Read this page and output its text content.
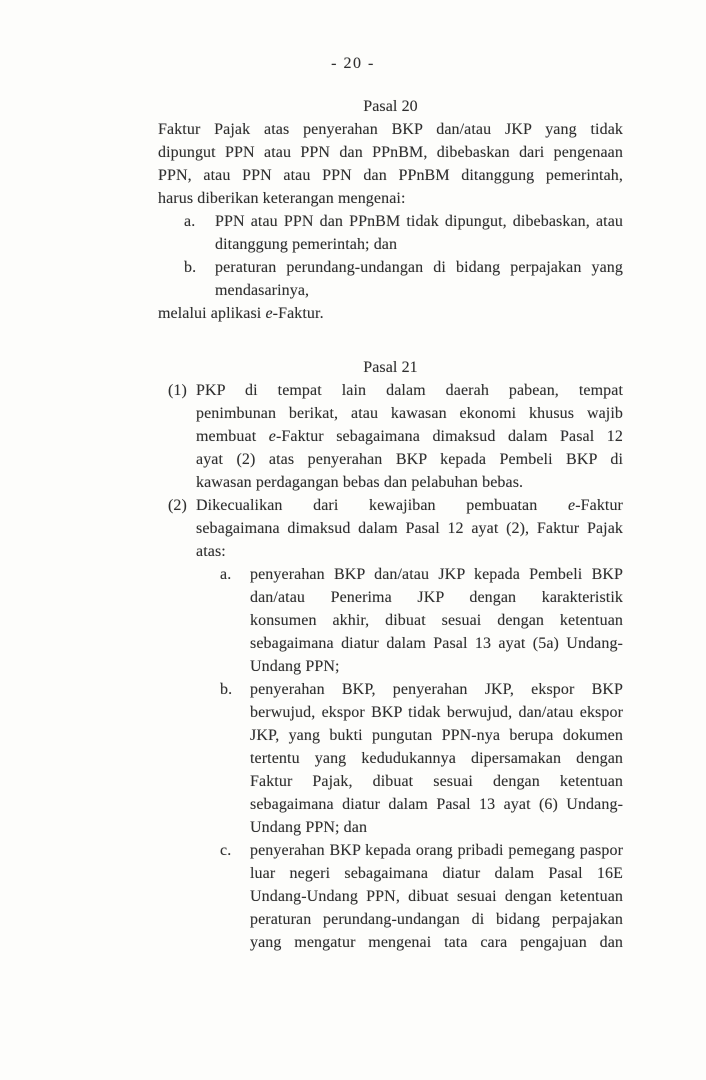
- 20 -
Pasal 20
Faktur Pajak atas penyerahan BKP dan/atau JKP yang tidak
dipungut PPN atau PPN dan PPnBM, dibebaskan dari pengenaan
PPN, atau PPN atau PPN dan PPnBM ditanggung pemerintah,
harus diberikan keterangan mengenai:
a. PPN atau PPN dan PPnBM tidak dipungut, dibebaskan, atau
ditanggung pemerintah; dan
b. peraturan perundang-undangan di bidang perpajakan yang
mendasarinya,
melalui aplikasi e-Faktur.
Pasal 21
(1) PKP di tempat lain dalam daerah pabean, tempat
penimbunan berikat, atau kawasan ekonomi khusus wajib
membuat e-Faktur sebagaimana dimaksud dalam Pasal 12
ayat (2) atas penyerahan BKP kepada Pembeli BKP di
kawasan perdagangan bebas dan pelabuhan bebas.
(2) Dikecualikan dari kewajiban pembuatan e-Faktur
sebagaimana dimaksud dalam Pasal 12 ayat (2), Faktur Pajak
atas:
a. penyerahan BKP dan/atau JKP kepada Pembeli BKP
dan/atau Penerima JKP dengan karakteristik
konsumen akhir, dibuat sesuai dengan ketentuan
sebagaimana diatur dalam Pasal 13 ayat (5a) Undang-
Undang PPN;
b. penyerahan BKP, penyerahan JKP, ekspor BKP
berwujud, ekspor BKP tidak berwujud, dan/atau ekspor
JKP, yang bukti pungutan PPN-nya berupa dokumen
tertentu yang kedudukannya dipersamakan dengan
Faktur Pajak, dibuat sesuai dengan ketentuan
sebagaimana diatur dalam Pasal 13 ayat (6) Undang-
Undang PPN; dan
c. penyerahan BKP kepada orang pribadi pemegang paspor
luar negeri sebagaimana diatur dalam Pasal 16E
Undang-Undang PPN, dibuat sesuai dengan ketentuan
peraturan perundang-undangan di bidang perpajakan
yang mengatur mengenai tata cara pengajuan dan
